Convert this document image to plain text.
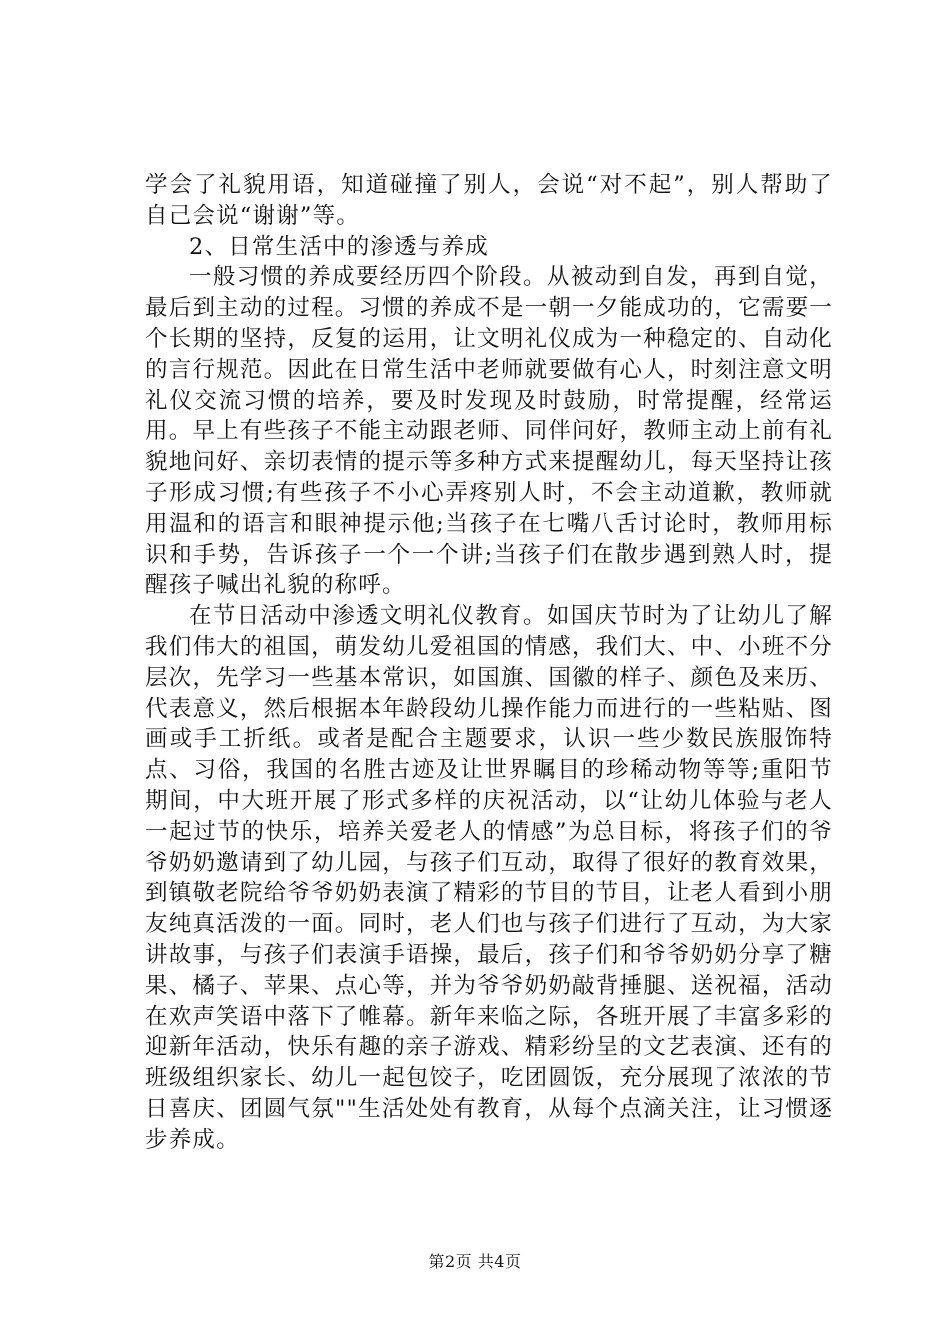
学会了礼貌用语，知道碰撞了别人，会说“对不起”，别人帮助了自己会说“谢谢”等。

2、日常生活中的渗透与养成

一般习惯的养成要经历四个阶段。从被动到自发，再到自觉，最后到主动的过程。习惯的养成不是一朝一夕能成功的，它需要一个长期的坚持，反复的运用，让文明礼仪成为一种稳定的、自动化的言行规范。因此在日常生活中老师就要做有心人，时刻注意文明礼仪交流习惯的培养，要及时发现及时鼓励，时常提醒，经常运用。早上有些孩子不能主动跟老师、同伴问好，教师主动上前有礼貌地问好、亲切表情的提示等多种方式来提醒幼儿，每天坚持让孩子形成习惯;有些孩子不小心弄疼别人时，不会主动道歉，教师就用温和的语言和眼神提示他;当孩子在七嘴八舌讨论时，教师用标识和手势，告诉孩子一个一个讲;当孩子们在散步遇到熟人时，提醒孩子喊出礼貌的称呼。

在节日活动中渗透文明礼仪教育。如国庆节时为了让幼儿了解我们伟大的祖国，萌发幼儿爱祖国的情感，我们大、中、小班不分层次，先学习一些基本常识，如国旗、国徽的样子、颜色及来历、代表意义，然后根据本年龄段幼儿操作能力而进行的一些粘贴、图画或手工折纸。或者是配合主题要求，认识一些少数民族服饰特点、习俗，我国的名胜古迹及让世界瞩目的珍稀动物等等;重阳节期间，中大班开展了形式多样的庆祝活动，以“让幼儿体验与老人一起过节的快乐，培养关爱老人的情感”为总目标，将孩子们的爷爷奶奶邀请到了幼儿园，与孩子们互动，取得了很好的教育效果，到镇敬老院给爷爷奶奶表演了精彩的节目的节目，让老人看到小朋友纯真活泼的一面。同时，老人们也与孩子们进行了互动，为大家讲故事，与孩子们表演手语操，最后，孩子们和爷爷奶奶分享了糖果、橘子、苹果、点心等，并为爷爷奶奶敲背捶腿、送祝福，活动在欢声笑语中落下了帷幕。新年来临之际，各班开展了丰富多彩的迎新年活动，快乐有趣的亲子游戏、精彩纷呈的文艺表演、还有的班级组织家长、幼儿一起包饺子，吃团圆饭，充分展现了浓浓的节日喜庆、团圆气氛""生活处处有教育，从每个点滴关注，让习惯逐步养成。

第2页 共4页
